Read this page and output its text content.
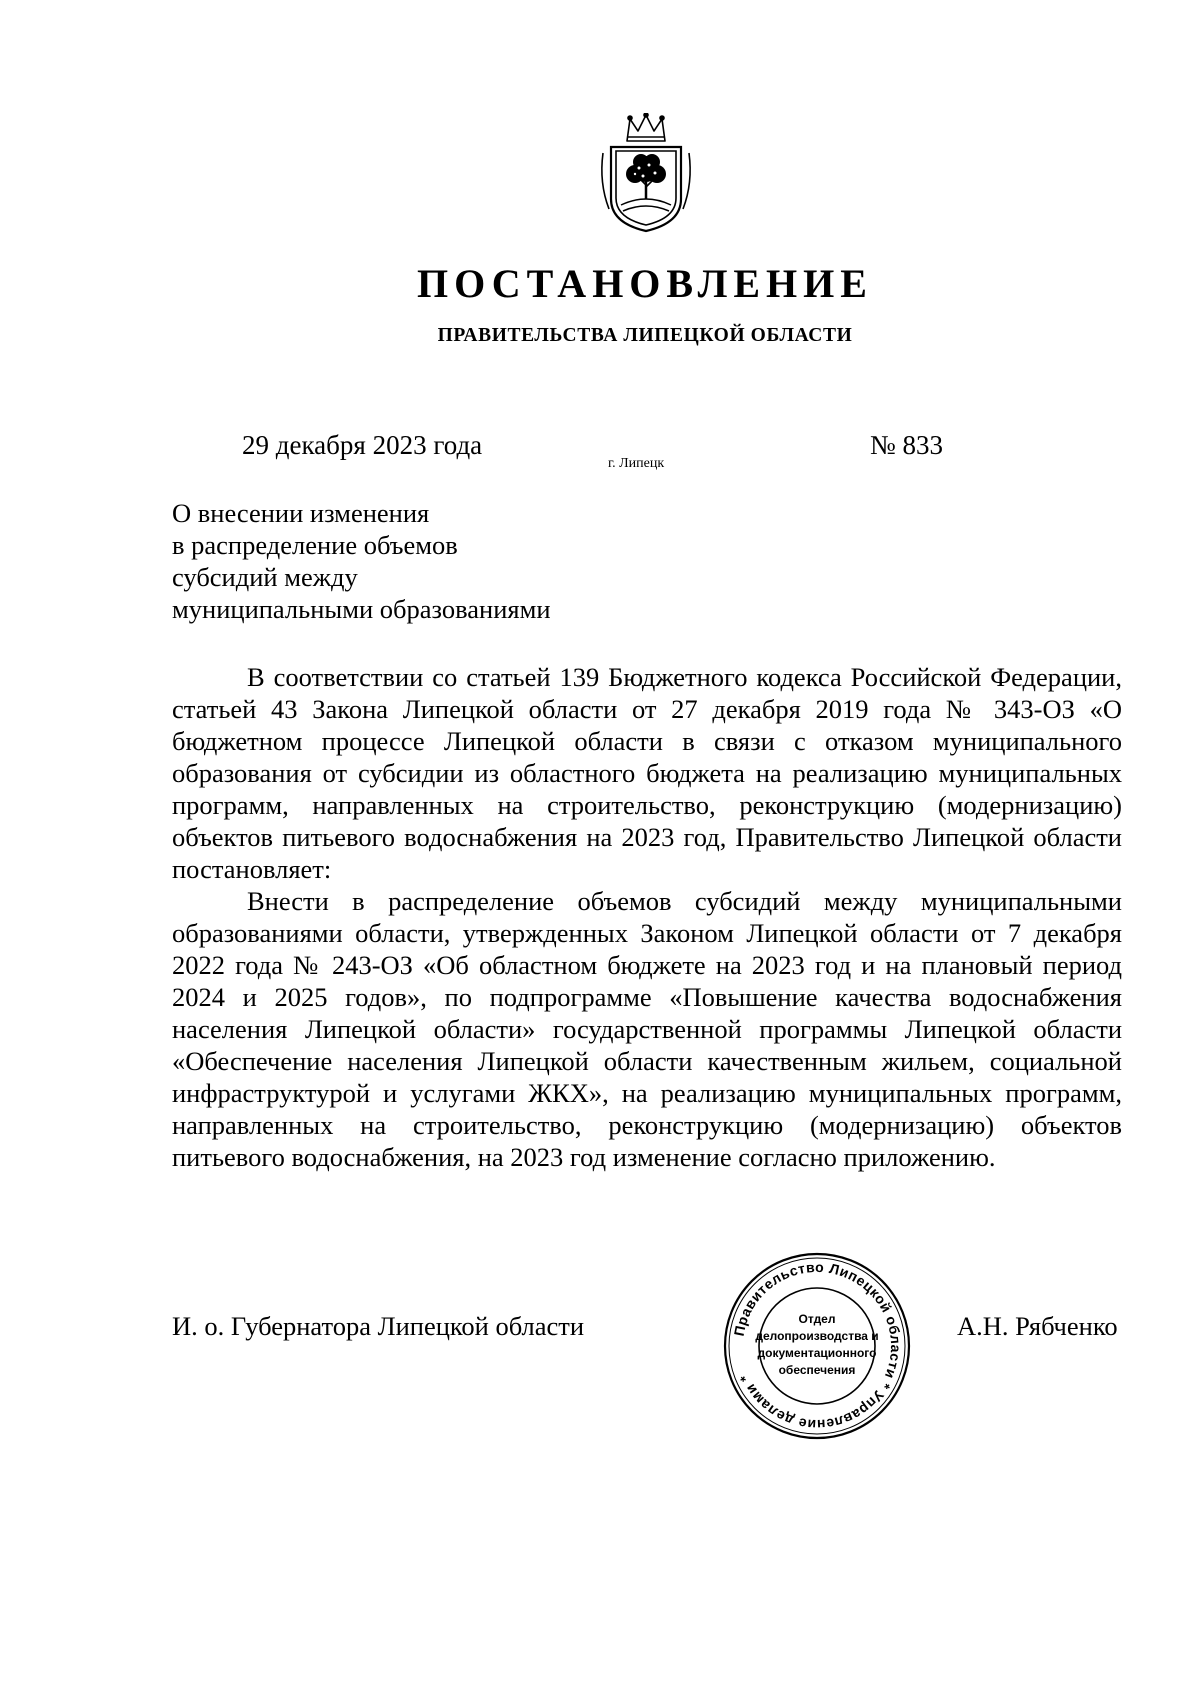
ПОСТАНОВЛЕНИЕ
ПРАВИТЕЛЬСТВА ЛИПЕЦКОЙ ОБЛАСТИ
29 декабря 2023 года
г. Липецк
№ 833
О внесении изменения
в распределение объемов
субсидий между
муниципальными образованиями

В соответствии со статьей 139 Бюджетного кодекса Российской Федерации, статьей 43 Закона Липецкой области от 27 декабря 2019 года № 343-ОЗ «О бюджетном процессе Липецкой области в связи с отказом муниципального образования от субсидии из областного бюджета на реализацию муниципальных программ, направленных на строительство, реконструкцию (модернизацию) объектов питьевого водоснабжения на 2023 год, Правительство Липецкой области постановляет:

Внести в распределение объемов субсидий между муниципальными образованиями области, утвержденных Законом Липецкой области от 7 декабря 2022 года № 243-ОЗ «Об областном бюджете на 2023 год и на плановый период 2024 и 2025 годов», по подпрограмме «Повышение качества водоснабжения населения Липецкой области» государственной программы Липецкой области «Обеспечение населения Липецкой области качественным жильем, социальной инфраструктурой и услугами ЖКХ», на реализацию муниципальных программ, направленных на строительство, реконструкцию (модернизацию) объектов питьевого водоснабжения, на 2023 год изменение согласно приложению.

И. о. Губернатора Липецкой области	Правительство Липецкой области * Управление делами *
Отдел
делопроизводства и
документационного
обеспечения
А.Н. Рябченко
